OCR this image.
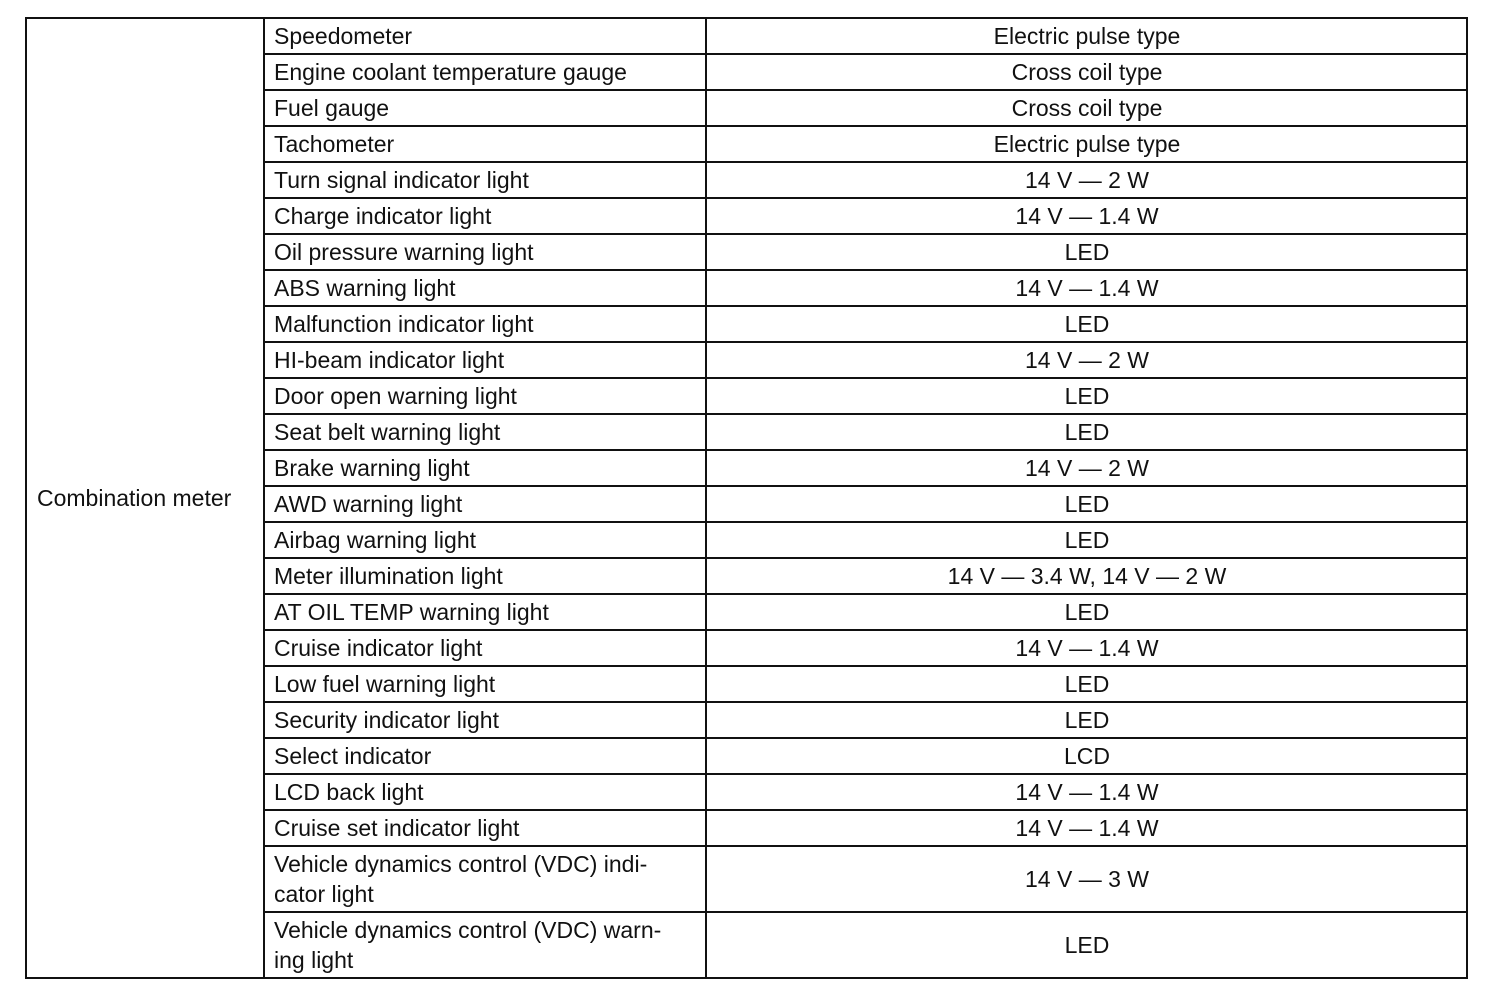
Combination meter	Speedometer	Electric pulse type
	Engine coolant temperature gauge	Cross coil type
	Fuel gauge	Cross coil type
	Tachometer	Electric pulse type
	Turn signal indicator light	14 V — 2 W
	Charge indicator light	14 V — 1.4 W
	Oil pressure warning light	LED
	ABS warning light	14 V — 1.4 W
	Malfunction indicator light	LED
	HI-beam indicator light	14 V — 2 W
	Door open warning light	LED
	Seat belt warning light	LED
	Brake warning light	14 V — 2 W
	AWD warning light	LED
	Airbag warning light	LED
	Meter illumination light	14 V — 3.4 W, 14 V — 2 W
	AT OIL TEMP warning light	LED
	Cruise indicator light	14 V — 1.4 W
	Low fuel warning light	LED
	Security indicator light	LED
	Select indicator	LCD
	LCD back light	14 V — 1.4 W
	Cruise set indicator light	14 V — 1.4 W
	Vehicle dynamics control (VDC) indi-
cator light	14 V — 3 W
	Vehicle dynamics control (VDC) warn-
ing light	LED
